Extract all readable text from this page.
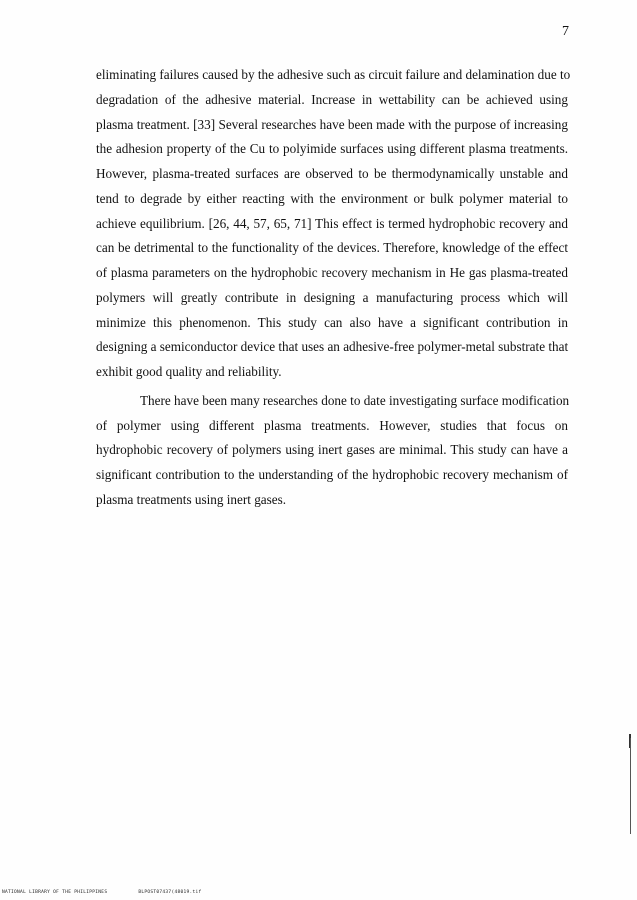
7
eliminating failures caused by the adhesive such as circuit failure and delamination due to
degradation of the adhesive material. Increase in wettability can be achieved using
plasma treatment. [33] Several researches have been made with the purpose of increasing
the adhesion property of the Cu to polyimide surfaces using different plasma treatments.
However, plasma-treated surfaces are observed to be thermodynamically unstable and
tend to degrade by either reacting with the environment or bulk polymer material to
achieve equilibrium. [26, 44, 57, 65, 71] This effect is termed hydrophobic recovery and
can be detrimental to the functionality of the devices. Therefore, knowledge of the effect
of plasma parameters on the hydrophobic recovery mechanism in He gas plasma-treated
polymers will greatly contribute in designing a manufacturing process which will
minimize this phenomenon. This study can also have a significant contribution in
designing a semiconductor device that uses an adhesive-free polymer-metal substrate that
exhibit good quality and reliability.
There have been many researches done to date investigating surface modification
of polymer using different plasma treatments. However, studies that focus on
hydrophobic recovery of polymers using inert gases are minimal. This study can have a
significant contribution to the understanding of the hydrophobic recovery mechanism of
plasma treatments using inert gases.
NATIONAL LIBRARY OF THE PHILIPPINES	BLPOST07437(48019.tif
